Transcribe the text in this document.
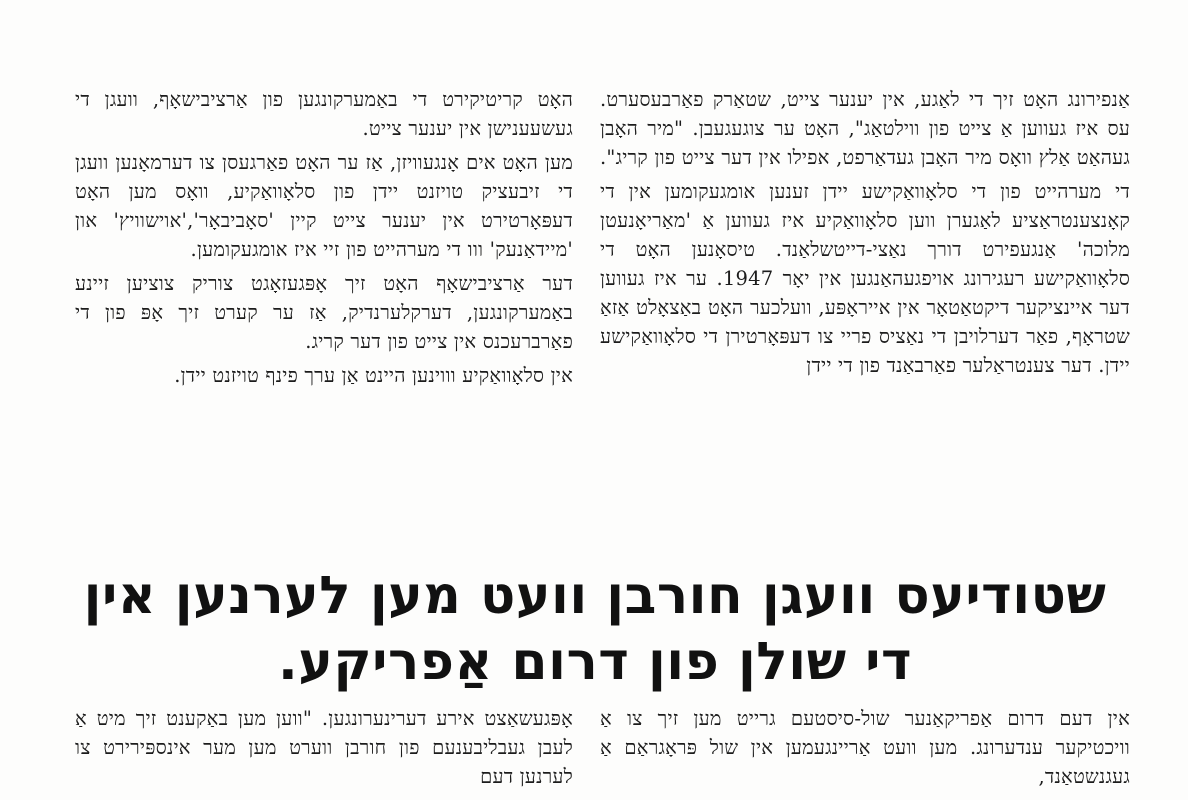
אַנפירונג האָט זיך די לאַגע, אין יענער צייט, שטאַרק פאַרבעסערט. עס איז געווען אַ צייט פון ווילטאַג", האָט ער צוגעגעבן. "מיר האָבן געהאַט אַלץ וואָס מיר האָבן געדאַרפט, אפילו אין דער צייט פון קריג".

די מערהייט פון די סלאָוואַקישע יידן זענען אומגעקומען אין די קאָנצענטראַציע לאַגערן ווען סלאָוואַקיע איז געווען אַ 'מאַריאָנעטן מלוכה' אַנגעפירט דורך נאַצי-דייטשלאַנד. טיסאָנען האָט די סלאָוואַקישע רעגירונג אויפגעהאַנגען אין יאָר 1947. ער איז געווען דער איינציקער דיקטאַטאָר אין אייראָפּע, וועלכער האָט באַצאָלט אַזאַ שטראָף, פאַר דערלויבן די נאַציס פריי צו דעפּאָרטירן די סלאָוואַקישע יידן. דער צענטראַלער פאַרבאַנד פון די יידן

האָט קריטיקירט די באַמערקונגען פון אַרציבישאָף, וועגן די געשעענישן אין יענער צייט.

מען האָט אים אָנגעוויזן, אַז ער האָט פאַרגעסן צו דערמאָנען וועגן די זיבעציק טויזנט יידן פון סלאָוואַקיע, וואָס מען האָט דעפּאָרטירט אין יענער צייט קיין 'סאָביבאָר','אוישוויץ' און 'מיידאַנעק' ווו די מערהייט פון זיי איז אומגעקומען.

דער אַרציבישאָף האָט זיך אָפּגעזאָגט צוריק צוציען זיינע באַמערקונגען, דערקלערנדיק, אַז ער קערט זיך אָפּ פון די פאַרברעכנס אין צייט פון דער קריג.

אין סלאָוואַקיע וווינען היינט אַן ערך פינף טויזנט יידן.

שטודיעס וועגן חורבן וועט מען לערנען אין די שולן פון דרום אַפריקע.

אין דעם דרום אַפריקאַנער שול-סיסטעם גרייט מען זיך צו אַ וויכטיקער ענדערונג. מען וועט אַריינגעמען אין שול פּראָגראַם אַ געגנשטאַנד,

אָפּגעשאַצט אירע דערינערונגען. "ווען מען באַקענט זיך מיט אַ לעבן געבליבענעם פון חורבן ווערט מען מער אינספּירירט צו לערנען דעם
